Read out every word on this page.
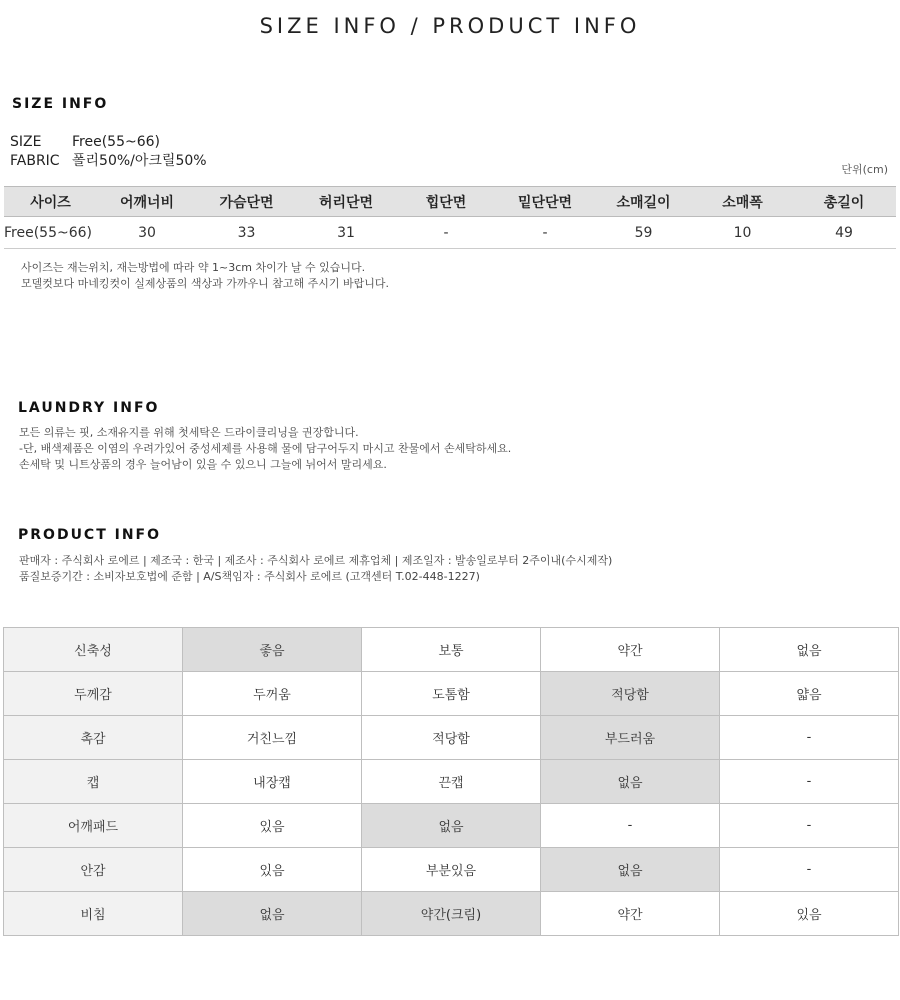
SIZE INFO / PRODUCT INFO
SIZE INFO
SIZE Free(55~66)
FABRIC 폴리50%/아크릴50%
단위(cm)
사이즈	어깨너비	가슴단면	허리단면	힙단면	밑단단면	소매길이	소매폭	총길이
Free(55~66)	30	33	31	-	-	59	10	49
사이즈는 재는위치, 재는방법에 따라 약 1~3cm 차이가 날 수 있습니다.
모델컷보다 마네킹컷이 실제상품의 색상과 가까우니 참고해 주시기 바랍니다.
LAUNDRY INFO
모든 의류는 핏, 소재유지를 위해 첫세탁은 드라이클리닝을 권장합니다.
-단, 배색제품은 이염의 우려가있어 중성세제를 사용해 물에 담구어두지 마시고 찬물에서 손세탁하세요.
손세탁 및 니트상품의 경우 늘어남이 있을 수 있으니 그늘에 뉘어서 말리세요.
PRODUCT INFO
판매자 : 주식회사 로에르 | 제조국 : 한국 | 제조사 : 주식회사 로에르 제휴업체 | 제조일자 : 발송일로부터 2주이내(수시제작)
품질보증기간 : 소비자보호법에 준함 | A/S책임자 : 주식회사 로에르 (고객센터 T.02-448-1227)
신축성	좋음	보통	약간	없음
두께감	두꺼움	도톰함	적당함	얇음
촉감	거친느낌	적당함	부드러움	-
캡	내장캡	끈캡	없음	-
어깨패드	있음	없음	-	-
안감	있음	부분있음	없음	-
비침	없음	약간(크림)	약간	있음
